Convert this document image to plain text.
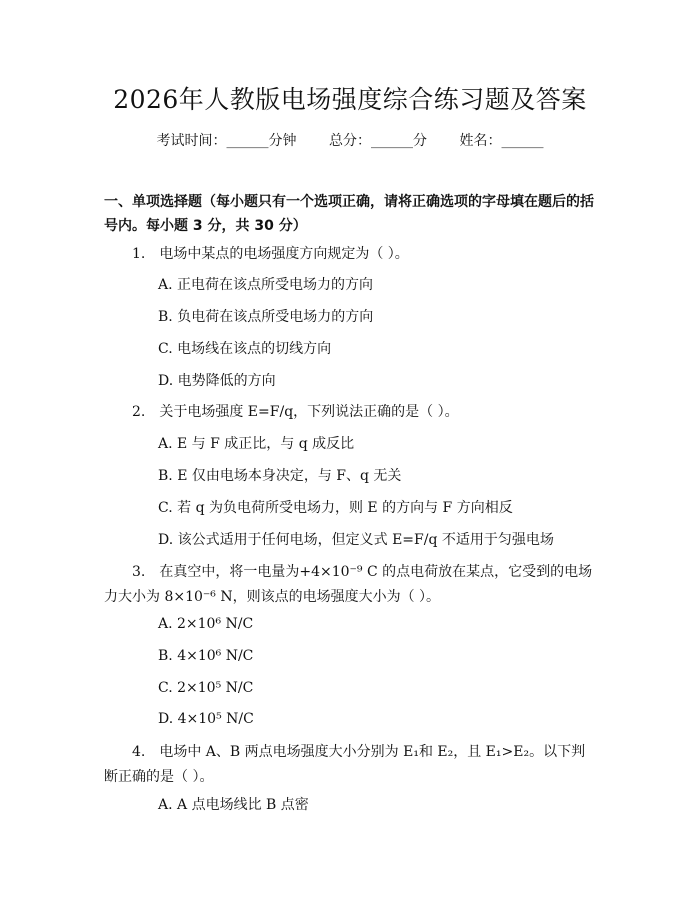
2026年人教版电场强度综合练习题及答案
考试时间：______分钟 总分：______分 姓名：______
一、单项选择题（每小题只有一个选项正确，请将正确选项的字母填在题后的括
号内。每小题 3 分，共 30 分）
1.　电场中某点的电场强度方向规定为（ ）。
A. 正电荷在该点所受电场力的方向
B. 负电荷在该点所受电场力的方向
C. 电场线在该点的切线方向
D. 电势降低的方向
2.　关于电场强度 E=F/q，下列说法正确的是（ ）。
A. E 与 F 成正比，与 q 成反比
B. E 仅由电场本身决定，与 F、q 无关
C. 若 q 为负电荷所受电场力，则 E 的方向与 F 方向相反
D. 该公式适用于任何电场，但定义式 E=F/q 不适用于匀强电场
3.　在真空中，将一电量为+4×10⁻⁹ C 的点电荷放在某点，它受到的电场力大小为 8×10⁻⁶ N，则该点的电场强度大小为（ ）。
A. 2×10⁶ N/C
B. 4×10⁶ N/C
C. 2×10⁵ N/C
D. 4×10⁵ N/C
4.　电场中 A、B 两点电场强度大小分别为 E₁和 E₂，且 E₁>E₂。以下判断正确的是（ ）。
A. A 点电场线比 B 点密
